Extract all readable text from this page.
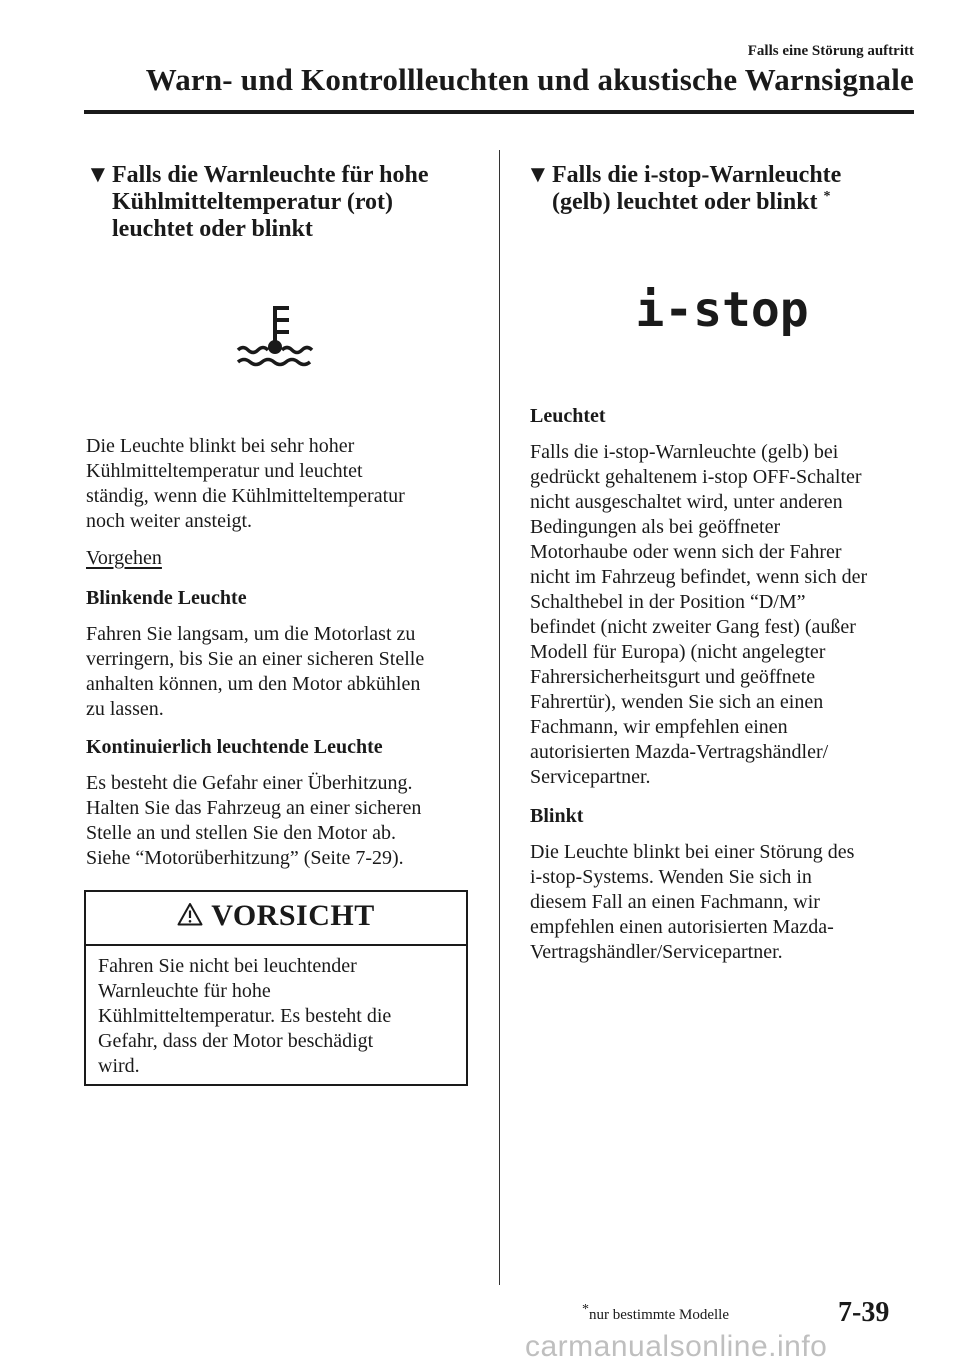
Falls eine Störung auftritt
Warn- und Kontrollleuchten und akustische Warnsignale
▼Falls die Warnleuchte für hohe
Kühlmitteltemperatur (rot)
leuchtet oder blinkt
Die Leuchte blinkt bei sehr hoher
Kühlmitteltemperatur und leuchtet
ständig, wenn die Kühlmitteltemperatur
noch weiter ansteigt.
Vorgehen
Blinkende Leuchte
Fahren Sie langsam, um die Motorlast zu
verringern, bis Sie an einer sicheren Stelle
anhalten können, um den Motor abkühlen
zu lassen.
Kontinuierlich leuchtende Leuchte
Es besteht die Gefahr einer Überhitzung.
Halten Sie das Fahrzeug an einer sicheren
Stelle an und stellen Sie den Motor ab.
Siehe “Motorüberhitzung” (Seite 7-29).
VORSICHT
Fahren Sie nicht bei leuchtender
Warnleuchte für hohe
Kühlmitteltemperatur. Es besteht die
Gefahr, dass der Motor beschädigt
wird.
▼Falls die i-stop-Warnleuchte
(gelb) leuchtet oder blinkt *
i-stop
Leuchtet
Falls die i-stop-Warnleuchte (gelb) bei
gedrückt gehaltenem i-stop OFF-Schalter
nicht ausgeschaltet wird, unter anderen
Bedingungen als bei geöffneter
Motorhaube oder wenn sich der Fahrer
nicht im Fahrzeug befindet, wenn sich der
Schalthebel in der Position “D/M”
befindet (nicht zweiter Gang fest) (außer
Modell für Europa) (nicht angelegter
Fahrersicherheitsgurt und geöffnete
Fahrertür), wenden Sie sich an einen
Fachmann, wir empfehlen einen
autorisierten Mazda-Vertragshändler/
Servicepartner.
Blinkt
Die Leuchte blinkt bei einer Störung des
i-stop-Systems. Wenden Sie sich in
diesem Fall an einen Fachmann, wir
empfehlen einen autorisierten Mazda-
Vertragshändler/Servicepartner.
*nur bestimmte Modelle	7-39
carmanualsonline.info
